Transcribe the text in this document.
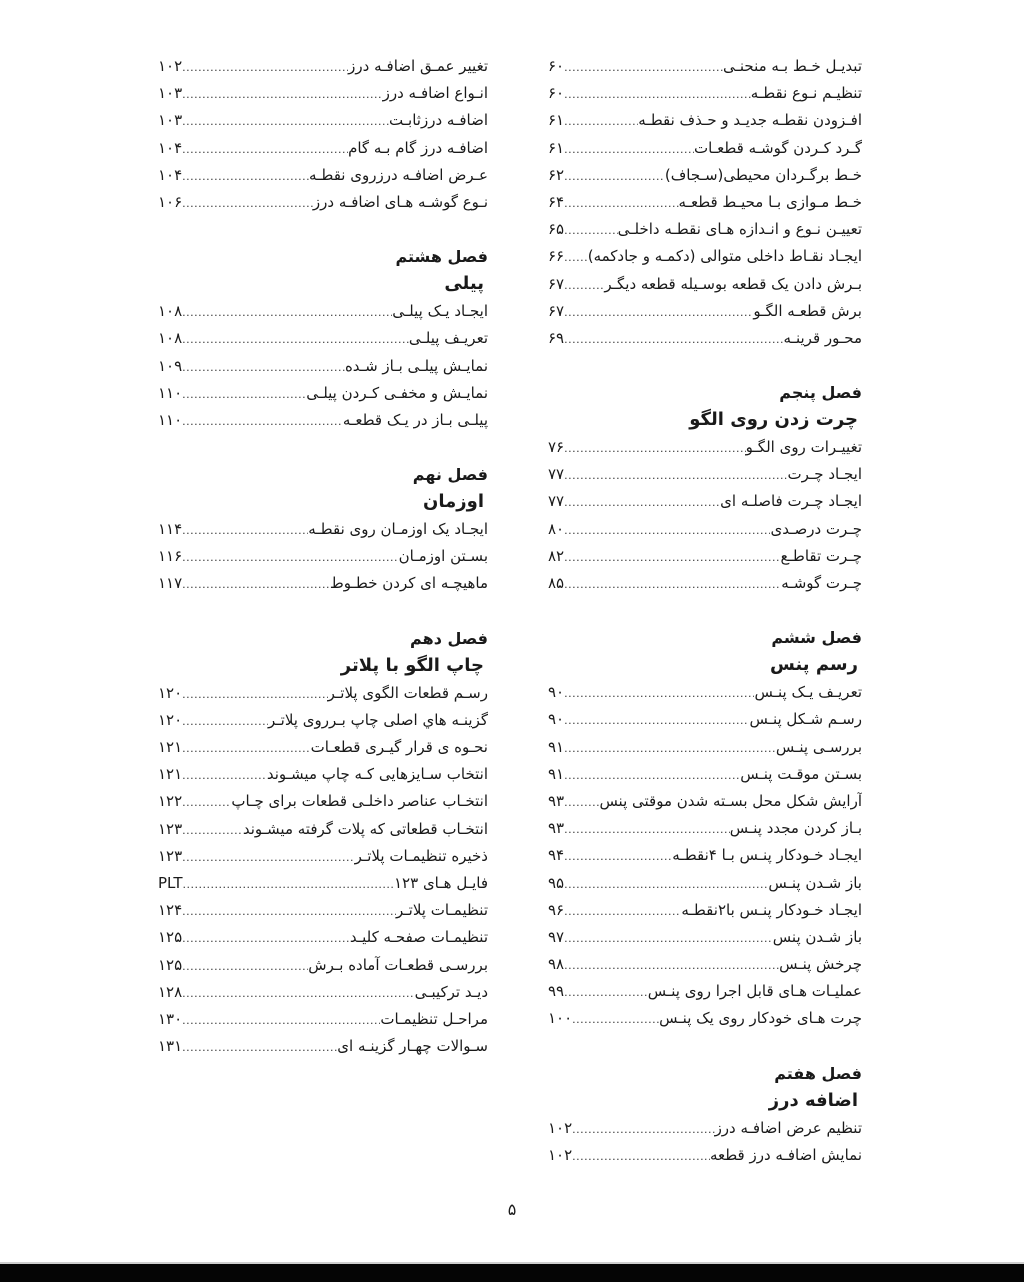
تبدیـل خـط بـه منحنـی
.....
۶۰
تنظیـم نـوع نقطـه
.....
۶۰
افـزودن نقطـه جدیـد و حـذف نقطـه
.....
۶۱
گـرد کـردن گوشـه قطعـات
.....
۶۱
خـط برگـردان محیطی(سـجاف)
.....
۶۲
خـط مـوازی بـا محیـط قطعـه
.....
۶۴
تعییـن نـوع و انـدازه هـای نقطـه داخلـی
.....
۶۵
ایجـاد نقـاط داخلی متوالی (دکمـه و جادکمه)
.....
۶۶
بـرش دادن یک قطعه بوسـیله قطعه دیگـر
.....
۶۷
برش قطعـه الگـو
.....
۶۷
محـور قرینـه
.....
۶۹
فصل پنجم
چرت زدن روی الگو
تغییـرات روی الگـو
.....
۷۶
ایجـاد چـرت
.....
۷۷
ایجـاد چـرت فاصلـه ای
.....
۷۷
چـرت درصـدی
.....
۸۰
چـرت تقاطـع
.....
۸۲
چـرت گوشـه
.....
۸۵
فصل ششم
رسم پنس
تعریـف یـک پنـس
.....
۹۰
رسـم شـکل پنـس
.....
۹۰
بررسـی پنـس
.....
۹۱
بسـتن موقـت پنـس
.....
۹۱
آرایش شکل محل بسـته شدن موقتی پنس
.....
۹۳
بـاز کردن مجدد پنـس
.....
۹۳
ایجـاد خـودکار پنـس بـا ۴نقطـه
.....
۹۴
باز شـدن پنـس
.....
۹۵
ایجـاد خـودکار پنـس با۲نقطـه
.....
۹۶
باز شـدن پنس
.....
۹۷
چرخش پنـس
.....
۹۸
عملیـات هـای قابل اجرا روی پنـس
.....
۹۹
چرت هـای خودکار روی یک پنـس
.....
۱۰۰
فصل هفتم
اضافه درز
تنظیم عرض اضافـه درز
.....
۱۰۲
نمایش اضافـه درز قطعه
.....
۱۰۲
تغییر عمـق اضافـه درز
.....
۱۰۲
انـواع اضافـه درز
.....
۱۰۳
اضافـه درزثابـت
.....
۱۰۳
اضافـه درز گام بـه گام
.....
۱۰۴
عـرض اضافـه درزروی نقطـه
.....
۱۰۴
نـوع گوشـه هـای اضافـه درز
.....
۱۰۶
فصل هشتم
پیلی
ایجـاد یـک پیلـی
.....
۱۰۸
تعریـف پیلـی
.....
۱۰۸
نمایـش پیلـی بـاز شـده
.....
۱۰۹
نمایـش و مخفـی کـردن پیلـی
.....
۱۱۰
پیلـی بـاز در یـک قطعـه
.....
۱۱۰
فصل نهم
اوزمان
ایجـاد یک اوزمـان روی نقطـه
.....
۱۱۴
بسـتن اوزمـان
.....
۱۱۶
ماهیچـه ای کردن خطـوط
.....
۱۱۷
فصل دهم
چاپ الگو با پلاتر
رسـم قطعات الگوی پلاتـر
.....
۱۲۰
گزینـه هاي اصلی چاپ بـرروی پلاتـر
.....
۱۲۰
نحـوه ی قرار گیـری قطعـات
.....
۱۲۱
انتخاب سـایزهایی کـه چاپ میشـوند
.....
۱۲۱
انتخـاب عناصر داخلـی قطعات برای چـاپ
.....
۱۲۲
انتخـاب قطعاتی که پلات گرفته میشـوند
.....
۱۲۳
ذخیره تنظیمـات پلاتـر
.....
۱۲۳
فایـل هـای ۱۲۳
.....
PLT
تنظیمـات پلاتـر
.....
۱۲۴
تنظیمـات صفحـه کلیـد
.....
۱۲۵
بررسـی قطعـات آماده بـرش
.....
۱۲۵
دیـد ترکیبـی
.....
۱۲۸
مراحـل تنظیمـات
.....
۱۳۰
سـوالات چهـار گزینـه ای
.....
۱۳۱
۵
